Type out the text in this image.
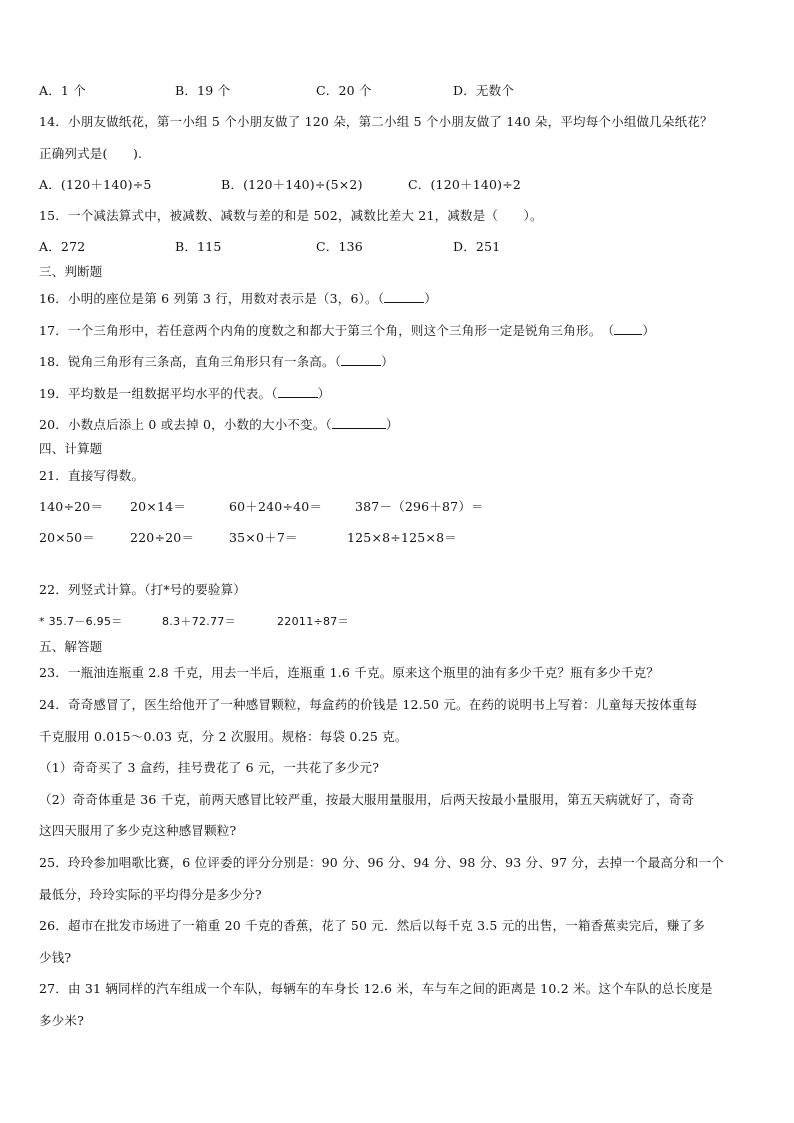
A．1 个	B．19 个	C．20 个	D．无数个
14．小朋友做纸花，第一小组 5 个小朋友做了 120 朵，第二小组 5 个小朋友做了 140 朵，平均每个小组做几朵纸花？
正确列式是(　　).
A．(120＋140)÷5	B．(120＋140)÷(5×2)	C．(120＋140)÷2
15．一个减法算式中，被减数、减数与差的和是 502，减数比差大 21，减数是（　　）。
A．272	B．115	C．136	D．251
三、判断题
16．小明的座位是第 6 列第 3 行，用数对表示是（3，6）。（	）
17．一个三角形中，若任意两个内角的度数之和都大于第三个角，则这个三角形一定是锐角三角形。　（ ）
18．锐角三角形有三条高，直角三角形只有一条高。（	）
19．平均数是一组数据平均水平的代表。（	）
20．小数点后添上 0 或去掉 0，小数的大小不变。（	）
四、计算题
21．直接写得数。
140÷20＝ 20×14＝	60＋240÷40＝	387－（296＋87）＝
20×50＝	220÷20＝	35×0＋7＝	125×8÷125×8＝
22．列竖式计算。（打*号的要验算）
* 35.7－6.95＝	8.3＋72.77＝	22011÷87＝
五、解答题
23．一瓶油连瓶重 2.8 千克，用去一半后，连瓶重 1.6 千克。原来这个瓶里的油有多少千克？瓶有多少千克？
24．奇奇感冒了，医生给他开了一种感冒颗粒，每盒药的价钱是 12.50 元。在药的说明书上写着：儿童每天按体重每
千克服用 0.015～0.03 克，分 2 次服用。规格：每袋 0.25 克。
（1）奇奇买了 3 盒药，挂号费花了 6 元，一共花了多少元?
（2）奇奇体重是 36 千克，前两天感冒比较严重，按最大服用量服用，后两天按最小量服用，第五天病就好了，奇奇
这四天服用了多少克这种感冒颗粒?
25．玲玲参加唱歌比赛，6 位评委的评分分别是：90 分、96 分、94 分、98 分、93 分、97 分，去掉一个最高分和一个
最低分，玲玲实际的平均得分是多少分?
26．超市在批发市场进了一箱重 20 千克的香蕉，花了 50 元．然后以每千克 3.5 元的出售，一箱香蕉卖完后，赚了多
少钱?
27．由 31 辆同样的汽车组成一个车队，每辆车的车身长 12.6 米，车与车之间的距离是 10.2 米。这个车队的总长度是
多少米?
